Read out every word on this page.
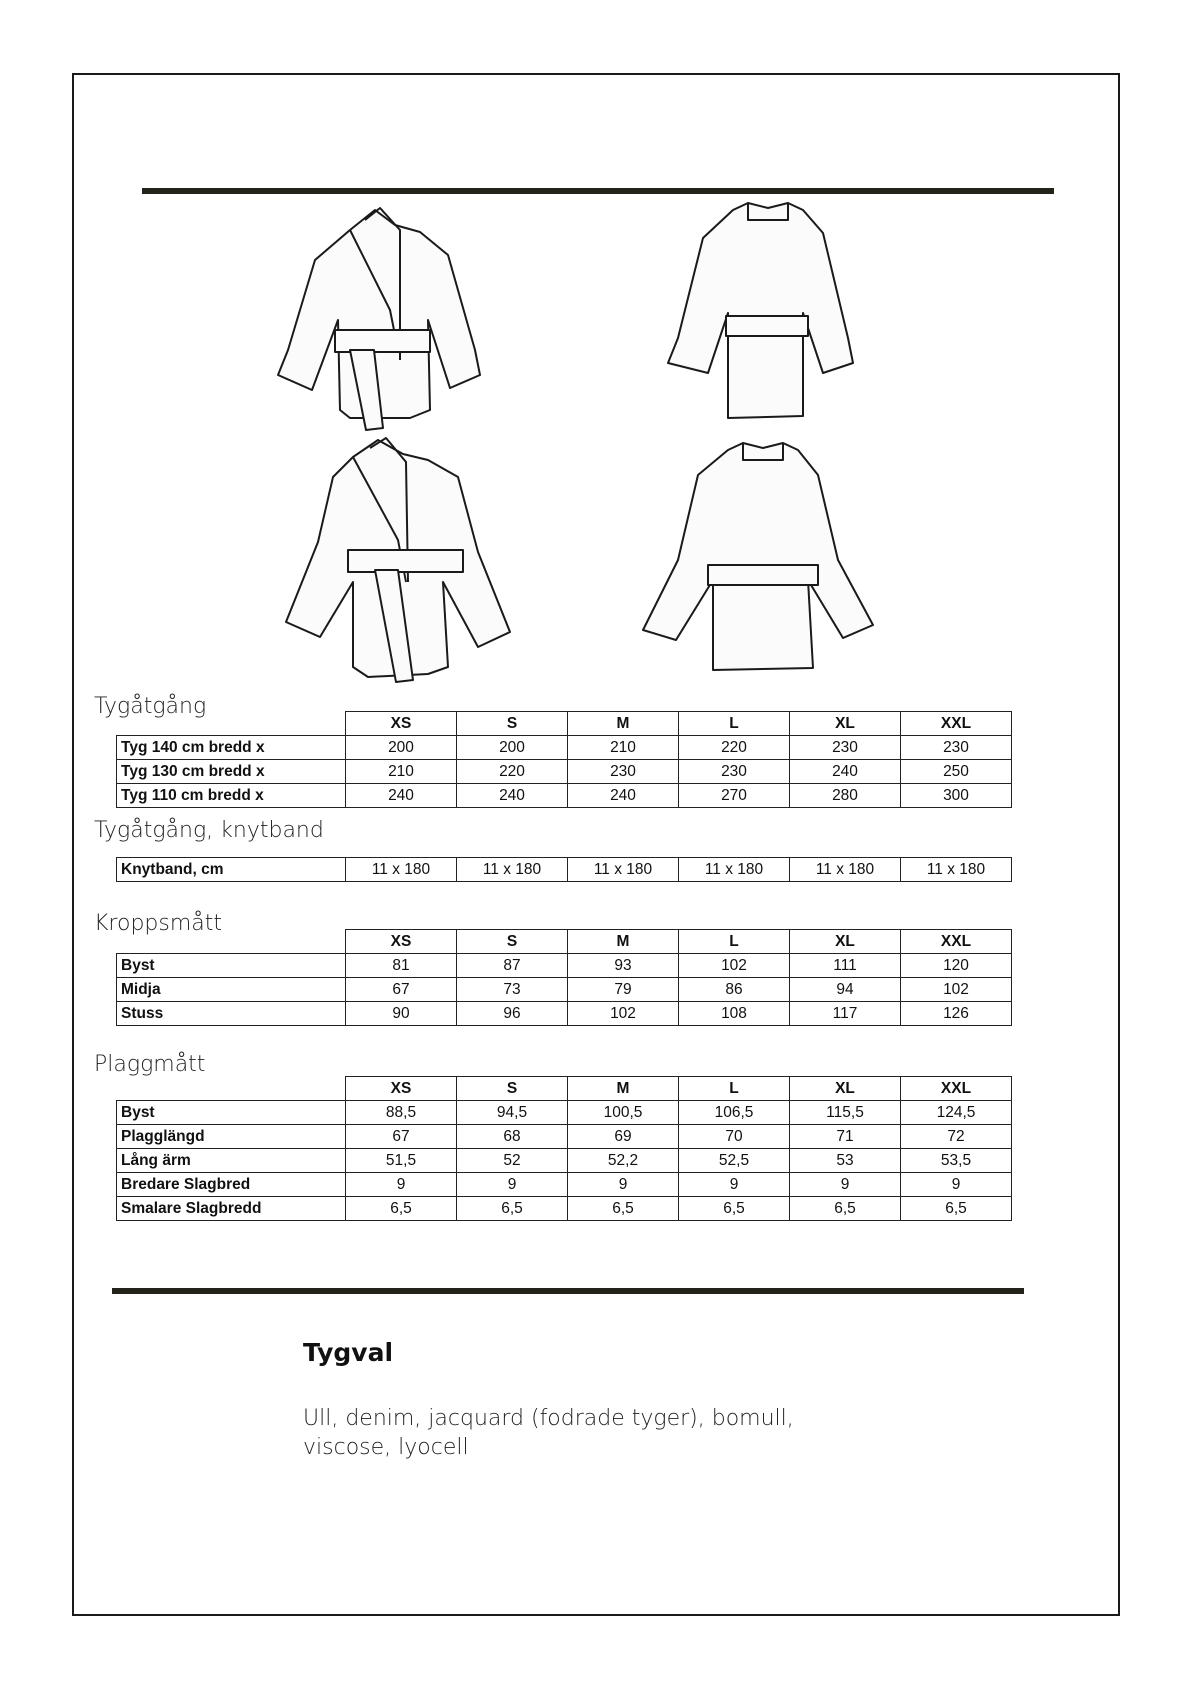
Tygåtgång
	XS	S	M	L	XL	XXL
Tyg 140 cm bredd x	200	200	210	220	230	230
Tyg 130 cm bredd x	210	220	230	230	240	250
Tyg 110 cm bredd x	240	240	240	270	280	300
Tygåtgång, knytband
Knytband, cm	11 x 180	11 x 180	11 x 180	11 x 180	11 x 180	11 x 180
Kroppsmått
	XS	S	M	L	XL	XXL
Byst	81	87	93	102	111	120
Midja	67	73	79	86	94	102
Stuss	90	96	102	108	117	126
Plaggmått
	XS	S	M	L	XL	XXL
Byst	88,5	94,5	100,5	106,5	115,5	124,5
Plagglängd	67	68	69	70	71	72
Lång ärm	51,5	52	52,2	52,5	53	53,5
Bredare Slagbred	9	9	9	9	9	9
Smalare Slagbredd	6,5	6,5	6,5	6,5	6,5	6,5
Tygval
Ull, denim, jacquard (fodrade tyger), bomull,
viscose, lyocell
